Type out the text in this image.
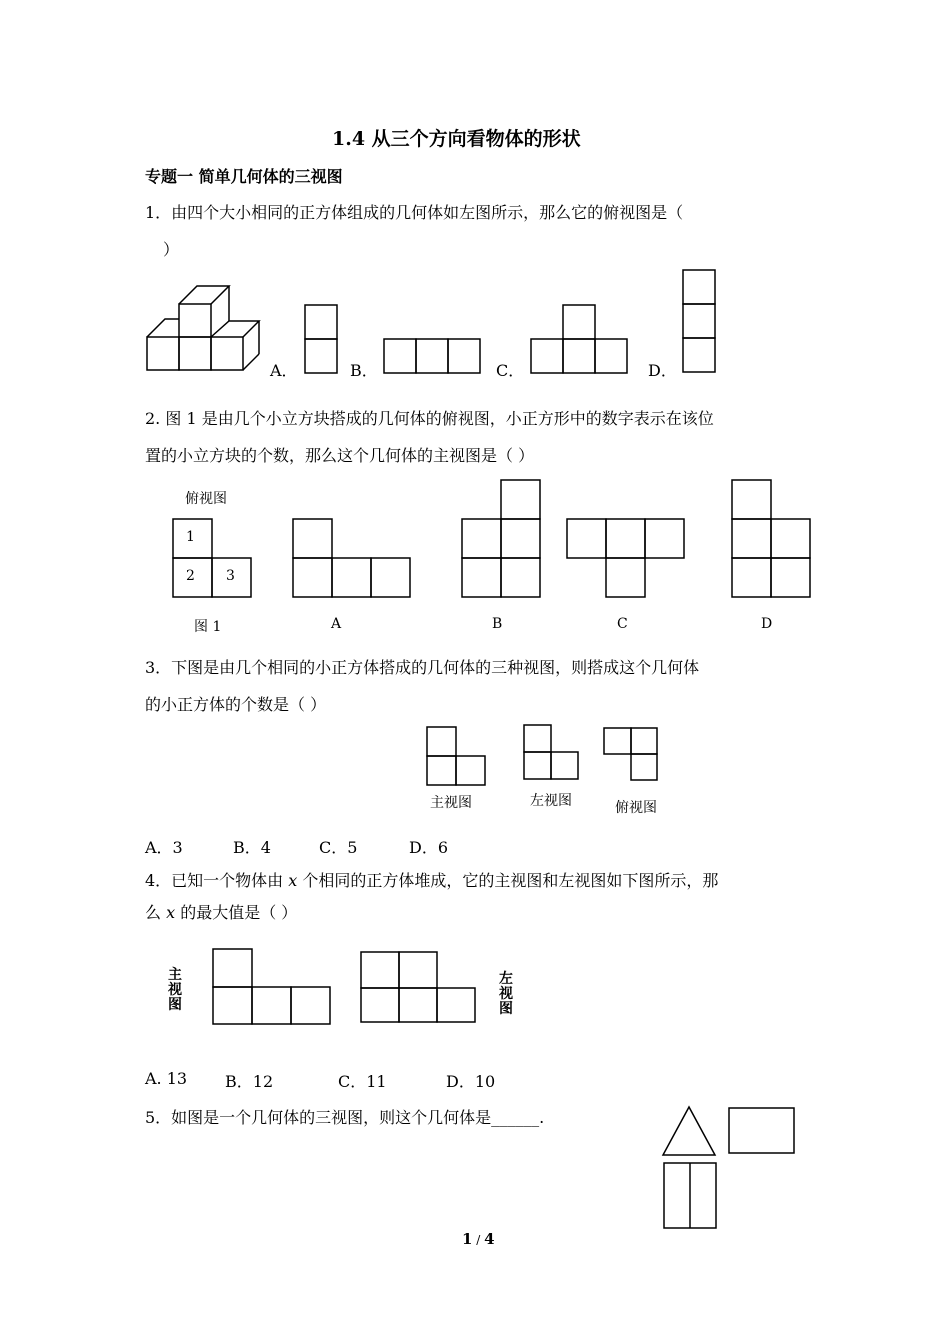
1.4 从三个方向看物体的形状
专题一 简单几何体的三视图
1．由四个大小相同的正方体组成的几何体如左图所示，那么它的俯视图是（
）
A．	B．	C．	D．
2. 图 1 是由几个小立方块搭成的几何体的俯视图，小正方形中的数字表示在该位
置的小立方块的个数，那么这个几何体的主视图是（ ）
俯视图
1
2 3
图 1	A	B	C	D
3．下图是由几个相同的小正方体搭成的几何体的三种视图，则搭成这个几何体
的小正方体的个数是（ ）
主视图	左视图	俯视图
A．3	B．4	C．5	D．6
4．已知一个物体由 x 个相同的正方体堆成，它的主视图和左视图如下图所示，那
么 x 的最大值是（ ）
主视图
左视图
A. 13 B．12	C．11	D．10
5．如图是一个几何体的三视图，则这个几何体是______.
1 / 4
